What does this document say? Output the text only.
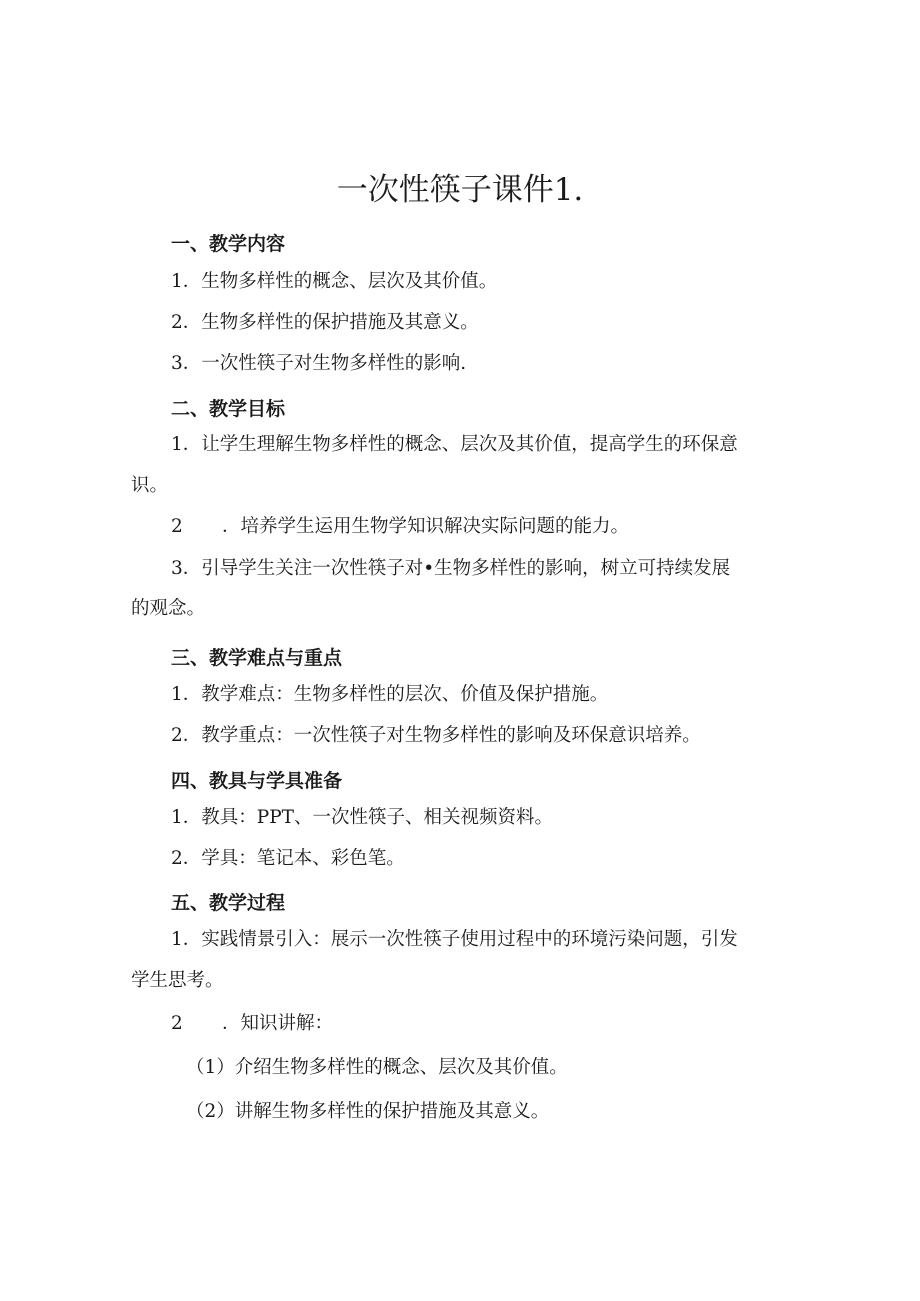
一次性筷子课件1.
一、教学内容
1．生物多样性的概念、层次及其价值。
2．生物多样性的保护措施及其意义。
3．一次性筷子对生物多样性的影响.
二、教学目标
1．让学生理解生物多样性的概念、层次及其价值，提高学生的环保意
识。
2 ．培养学生运用生物学知识解决实际问题的能力。
3．引导学生关注一次性筷子对•生物多样性的影响，树立可持续发展
的观念。
三、教学难点与重点
1．教学难点：生物多样性的层次、价值及保护措施。
2．教学重点：一次性筷子对生物多样性的影响及环保意识培养。
四、教具与学具准备
1．教具：PPT、一次性筷子、相关视频资料。
2．学具：笔记本、彩色笔。
五、教学过程
1．实践情景引入：展示一次性筷子使用过程中的环境污染问题，引发
学生思考。
2 ．知识讲解：
（1）介绍生物多样性的概念、层次及其价值。
（2）讲解生物多样性的保护措施及其意义。
